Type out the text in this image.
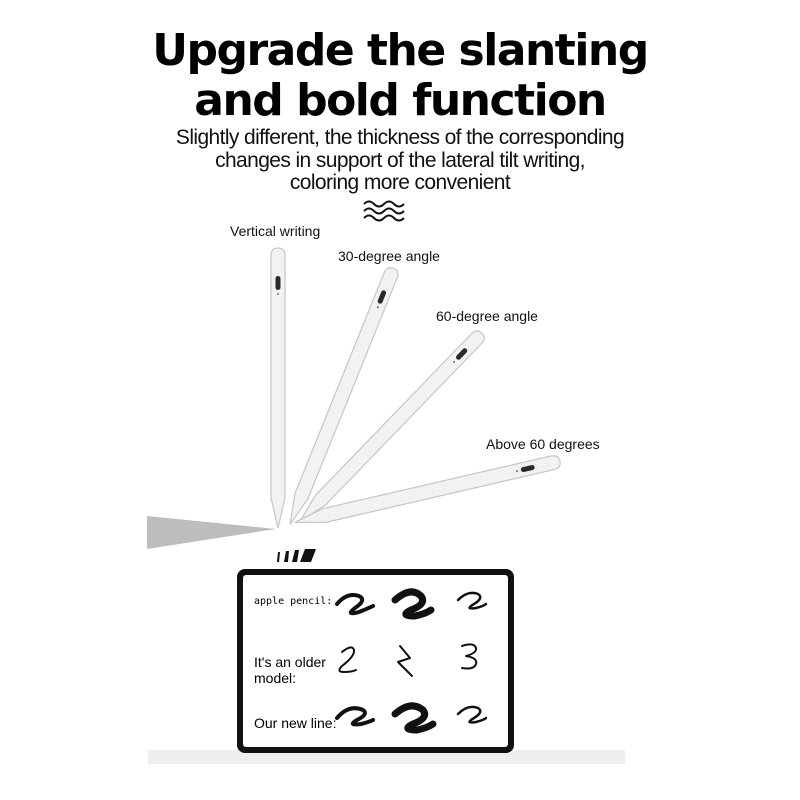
Upgrade the slanting
and bold function
Slightly different, the thickness of the corresponding
changes in support of the lateral tilt writing,
coloring more convenient
Vertical writing
30-degree angle
60-degree angle
Above 60 degrees
apple pencil:
It's an older
model:
Our new line:
